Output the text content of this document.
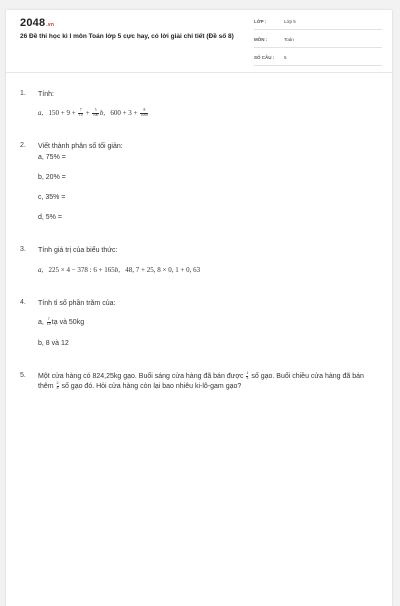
2048.vn
26 Đề thi học kì I môn Toán lớp 5 cực hay, có lời giải chi tiết (Đề số 8)
LỚP :	Lớp 5
MÔN :	Toán
SỐ CÂU : 5
1. Tính:
a, $150 + 9 + \frac{7}{10} + \frac{5}{100} b$, $600 + 3 + \frac{8}{1000}$
2. Viết thành phân số tối giản:
a, 75% =
b, 20% =
c, 35% =
d, 5% =
3. Tính giá trị của biểu thức:
a, 225 × 4 − 378 : 6 + 165b, 48, 7 + 25, 8 × 0, 1 + 0, 63
4. Tính tỉ số phần trăm của:
a, $\frac{7}{10}$ tạ và 50kg
b, 8 và 12
5. Một cửa hàng có 824,25kg gạo. Buổi sáng cửa hàng đã bán được $\frac{1}{3}$ số gạo. Buổi chiều cửa hàng đã bán thêm $\frac{2}{5}$ số gạo đó. Hỏi cửa hàng còn lại bao nhiêu ki-lô-gam gạo?
